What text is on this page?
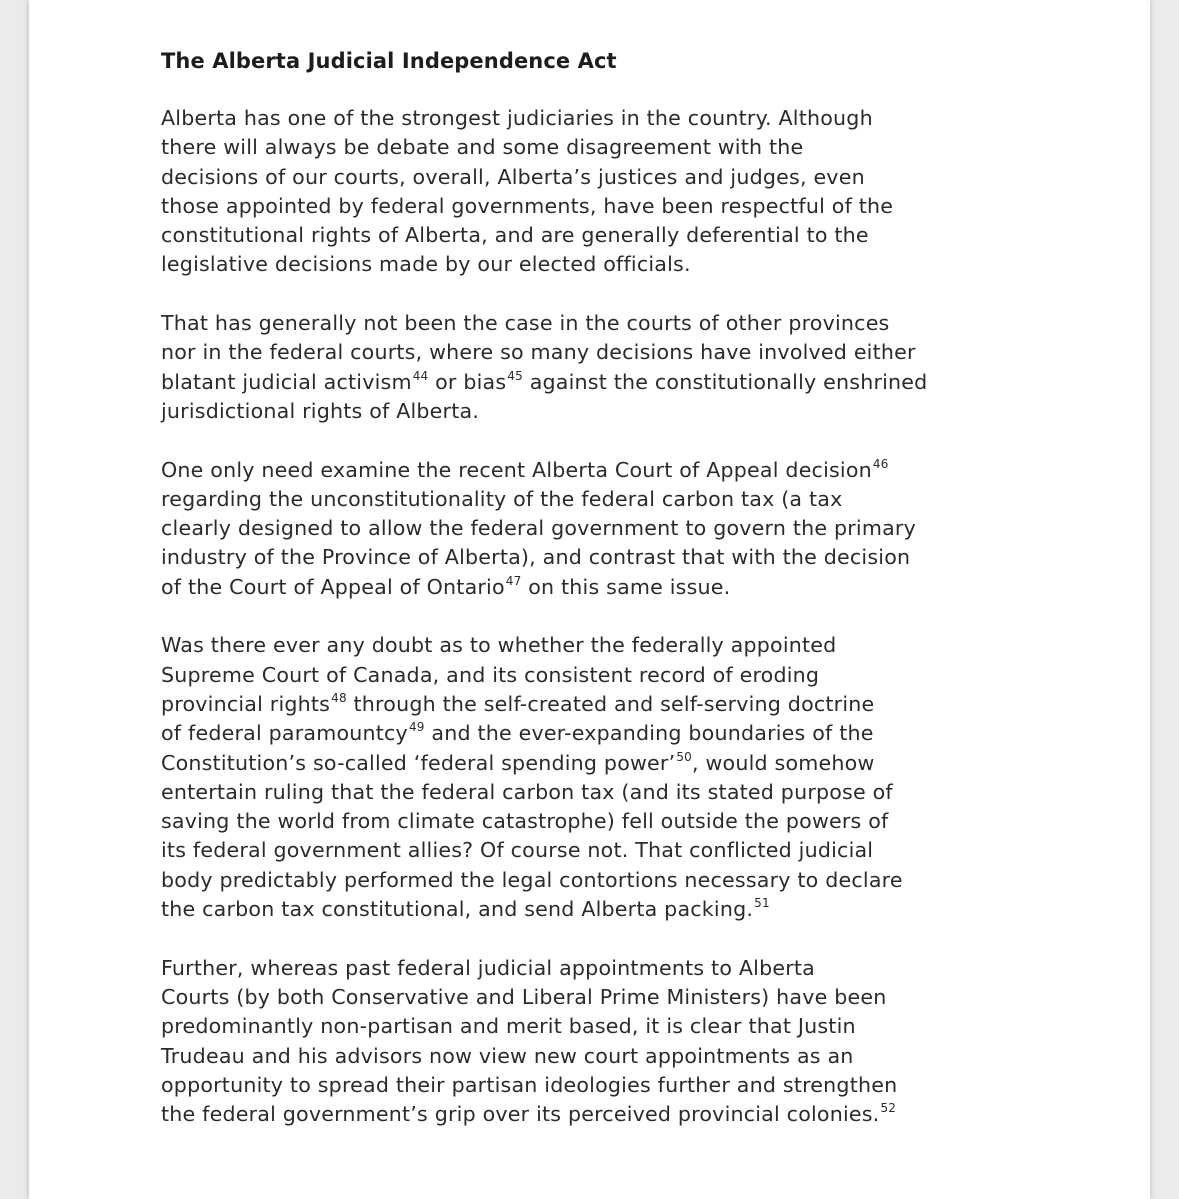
The Alberta Judicial Independence Act
Alberta has one of the strongest judiciaries in the country. Although
there will always be debate and some disagreement with the
decisions of our courts, overall, Alberta’s justices and judges, even
those appointed by federal governments, have been respectful of the
constitutional rights of Alberta, and are generally deferential to the
legislative decisions made by our elected officials.
That has generally not been the case in the courts of other provinces
nor in the federal courts, where so many decisions have involved either
blatant judicial activism$^{44}$ or bias$^{45}$ against the constitutionally enshrined
jurisdictional rights of Alberta.
One only need examine the recent Alberta Court of Appeal decision$^{46}$
regarding the unconstitutionality of the federal carbon tax (a tax
clearly designed to allow the federal government to govern the primary
industry of the Province of Alberta), and contrast that with the decision
of the Court of Appeal of Ontario$^{47}$ on this same issue.
Was there ever any doubt as to whether the federally appointed
Supreme Court of Canada, and its consistent record of eroding
provincial rights$^{48}$ through the self-created and self-serving doctrine
of federal paramountcy$^{49}$ and the ever-expanding boundaries of the
Constitution’s so-called ‘federal spending power’$^{50}$, would somehow
entertain ruling that the federal carbon tax (and its stated purpose of
saving the world from climate catastrophe) fell outside the powers of
its federal government allies? Of course not. That conflicted judicial
body predictably performed the legal contortions necessary to declare
the carbon tax constitutional, and send Alberta packing.$^{51}$
Further, whereas past federal judicial appointments to Alberta
Courts (by both Conservative and Liberal Prime Ministers) have been
predominantly non-partisan and merit based, it is clear that Justin
Trudeau and his advisors now view new court appointments as an
opportunity to spread their partisan ideologies further and strengthen
the federal government’s grip over its perceived provincial colonies.$^{52}$
